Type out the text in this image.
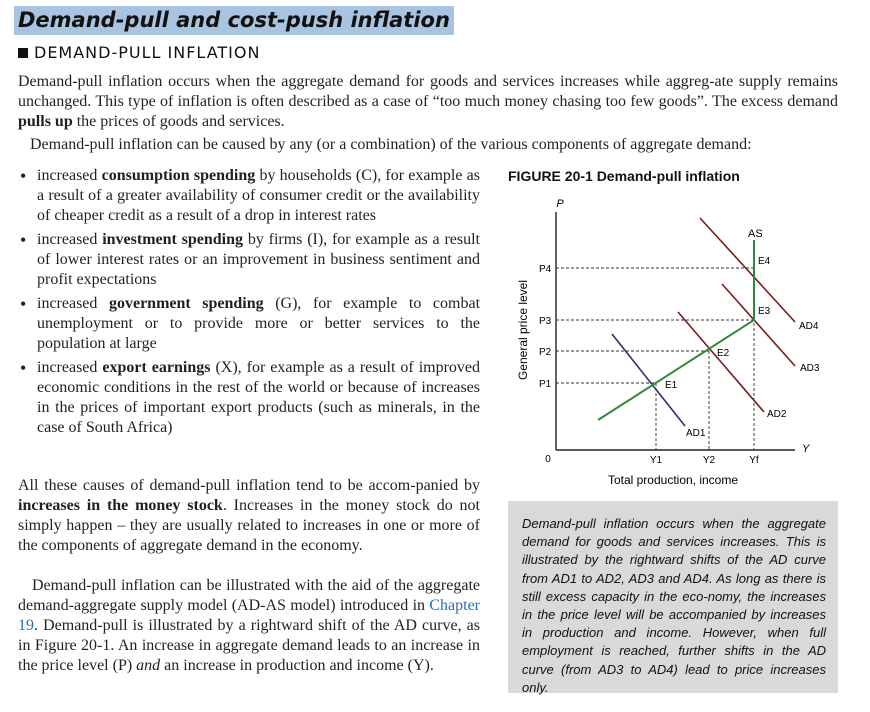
Demand-pull and cost-push inflation
DEMAND-PULL INFLATION
Demand-pull inflation occurs when the aggregate demand for goods and services increases while aggreg-ate supply remains unchanged. This type of inflation is often described as a case of “too much money chasing too few goods”. The excess demand pulls up the prices of goods and services.
Demand-pull inflation can be caused by any (or a combination) of the various components of aggregate demand:
• increased consumption spending by households (C), for example as a result of a greater availability of consumer credit or the availability of cheaper credit as a result of a drop in interest rates
• increased investment spending by firms (I), for example as a result of lower interest rates or an improvement in business sentiment and profit expectations
• increased government spending (G), for example to combat unemployment or to provide more or better services to the population at large
• increased export earnings (X), for example as a result of improved economic conditions in the rest of the world or because of increases in the prices of important export products (such as minerals, in the case of South Africa)
All these causes of demand-pull inflation tend to be accom-panied by increases in the money stock. Increases in the money stock do not simply happen – they are usually related to increases in one or more of the components of aggregate demand in the economy.
Demand-pull inflation can be illustrated with the aid of the aggregate demand-aggregate supply model (AD-AS model) introduced in Chapter 19. Demand-pull is illustrated by a rightward shift of the AD curve, as in Figure 20-1. An increase in aggregate demand leads to an increase in the price level (P) and an increase in production and income (Y).
FIGURE 20-1 Demand-pull inflation
P
Y
0
General price level
Total production, income
P4
P3
P2
P1
Y1	Y2	Yf
AS
AD1
AD2
AD3
AD4
E1
E2
E3
E4
Demand-pull inflation occurs when the aggregate demand for goods and services increases. This is illustrated by the rightward shifts of the AD curve from AD1 to AD2, AD3 and AD4. As long as there is still excess capacity in the eco-nomy, the increases in the price level will be accompanied by increases in production and income. However, when full employment is reached, further shifts in the AD curve (from AD3 to AD4) lead to price increases only.
